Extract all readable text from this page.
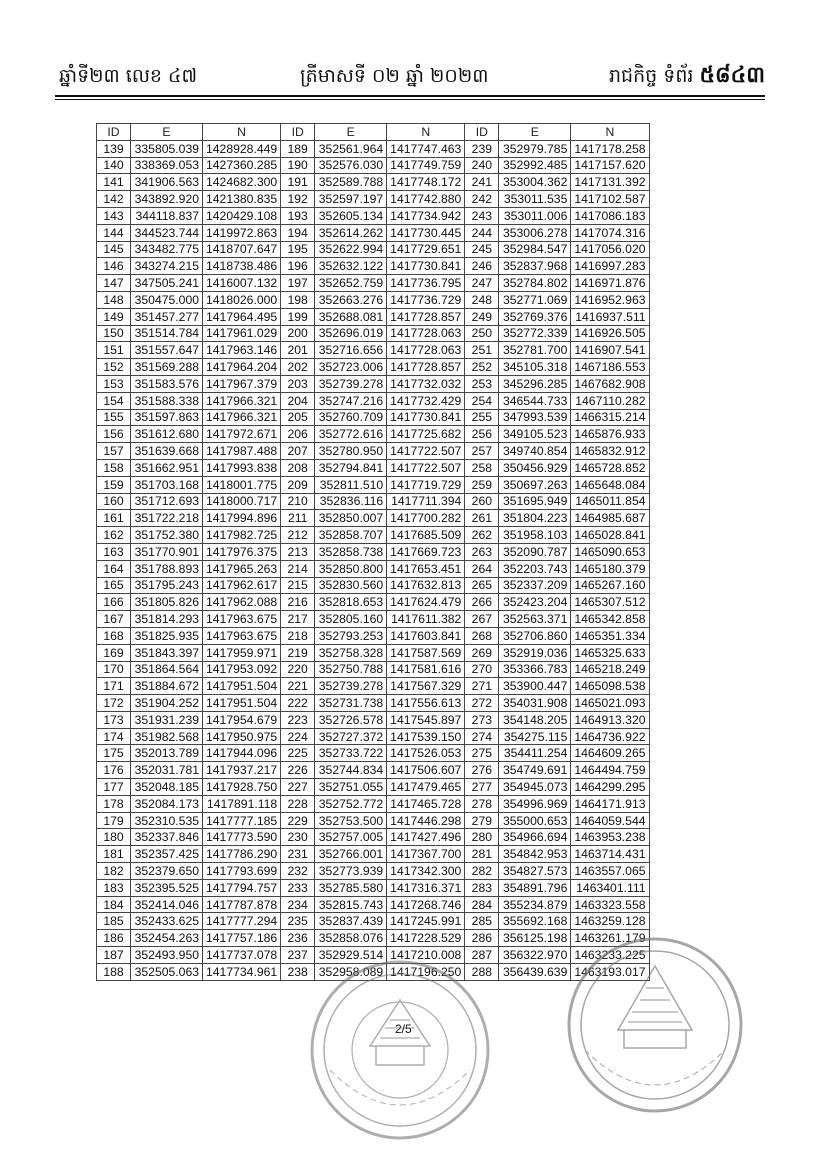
ឆ្នាំទី២៣ លេខ ៤៧	ត្រីមាសទី ០២ ឆ្នាំ ២០២៣	រាជកិច្ច ទំព័រ ៥៨៤៣
ID	E	N	ID	E	N	ID	E	N
139	335805.039	1428928.449	189	352561.964	1417747.463	239	352979.785	1417178.258
140	338369.053	1427360.285	190	352576.030	1417749.759	240	352992.485	1417157.620
141	341906.563	1424682.300	191	352589.788	1417748.172	241	353004.362	1417131.392
142	343892.920	1421380.835	192	352597.197	1417742.880	242	353011.535	1417102.587
143	344118.837	1420429.108	193	352605.134	1417734.942	243	353011.006	1417086.183
144	344523.744	1419972.863	194	352614.262	1417730.445	244	353006.278	1417074.316
145	343482.775	1418707.647	195	352622.994	1417729.651	245	352984.547	1417056.020
146	343274.215	1418738.486	196	352632.122	1417730.841	246	352837.968	1416997.283
147	347505.241	1416007.132	197	352652.759	1417736.795	247	352784.802	1416971.876
148	350475.000	1418026.000	198	352663.276	1417736.729	248	352771.069	1416952.963
149	351457.277	1417964.495	199	352688.081	1417728.857	249	352769.376	1416937.511
150	351514.784	1417961.029	200	352696.019	1417728.063	250	352772.339	1416926.505
151	351557.647	1417963.146	201	352716.656	1417728.063	251	352781.700	1416907.541
152	351569.288	1417964.204	202	352723.006	1417728.857	252	345105.318	1467186.553
153	351583.576	1417967.379	203	352739.278	1417732.032	253	345296.285	1467682.908
154	351588.338	1417966.321	204	352747.216	1417732.429	254	346544.733	1467110.282
155	351597.863	1417966.321	205	352760.709	1417730.841	255	347993.539	1466315.214
156	351612.680	1417972.671	206	352772.616	1417725.682	256	349105.523	1465876.933
157	351639.668	1417987.488	207	352780.950	1417722.507	257	349740.854	1465832.912
158	351662.951	1417993.838	208	352794.841	1417722.507	258	350456.929	1465728.852
159	351703.168	1418001.775	209	352811.510	1417719.729	259	350697.263	1465648.084
160	351712.693	1418000.717	210	352836.116	1417711.394	260	351695.949	1465011.854
161	351722.218	1417994.896	211	352850.007	1417700.282	261	351804.223	1464985.687
162	351752.380	1417982.725	212	352858.707	1417685.509	262	351958.103	1465028.841
163	351770.901	1417976.375	213	352858.738	1417669.723	263	352090.787	1465090.653
164	351788.893	1417965.263	214	352850.800	1417653.451	264	352203.743	1465180.379
165	351795.243	1417962.617	215	352830.560	1417632.813	265	352337.209	1465267.160
166	351805.826	1417962.088	216	352818.653	1417624.479	266	352423.204	1465307.512
167	351814.293	1417963.675	217	352805.160	1417611.382	267	352563.371	1465342.858
168	351825.935	1417963.675	218	352793.253	1417603.841	268	352706.860	1465351.334
169	351843.397	1417959.971	219	352758.328	1417587.569	269	352919.036	1465325.633
170	351864.564	1417953.092	220	352750.788	1417581.616	270	353366.783	1465218.249
171	351884.672	1417951.504	221	352739.278	1417567.329	271	353900.447	1465098.538
172	351904.252	1417951.504	222	352731.738	1417556.613	272	354031.908	1465021.093
173	351931.239	1417954.679	223	352726.578	1417545.897	273	354148.205	1464913.320
174	351982.568	1417950.975	224	352727.372	1417539.150	274	354275.115	1464736.922
175	352013.789	1417944.096	225	352733.722	1417526.053	275	354411.254	1464609.265
176	352031.781	1417937.217	226	352744.834	1417506.607	276	354749.691	1464494.759
177	352048.185	1417928.750	227	352751.055	1417479.465	277	354945.073	1464299.295
178	352084.173	1417891.118	228	352752.772	1417465.728	278	354996.969	1464171.913
179	352310.535	1417777.185	229	352753.500	1417446.298	279	355000.653	1464059.544
180	352337.846	1417773.590	230	352757.005	1417427.496	280	354966.694	1463953.238
181	352357.425	1417786.290	231	352766.001	1417367.700	281	354842.953	1463714.431
182	352379.650	1417793.699	232	352773.939	1417342.300	282	354827.573	1463557.065
183	352395.525	1417794.757	233	352785.580	1417316.371	283	354891.796	1463401.111
184	352414.046	1417787.878	234	352815.743	1417268.746	284	355234.879	1463323.558
185	352433.625	1417777.294	235	352837.439	1417245.991	285	355692.168	1463259.128
186	352454.263	1417757.186	236	352858.076	1417228.529	286	356125.198	1463261.179
187	352493.950	1417737.078	237	352929.514	1417210.008	287	356322.970	1463233.225
188	352505.063	1417734.961	238	352958.089	1417196.250	288	356439.639	1463193.017
2/5
